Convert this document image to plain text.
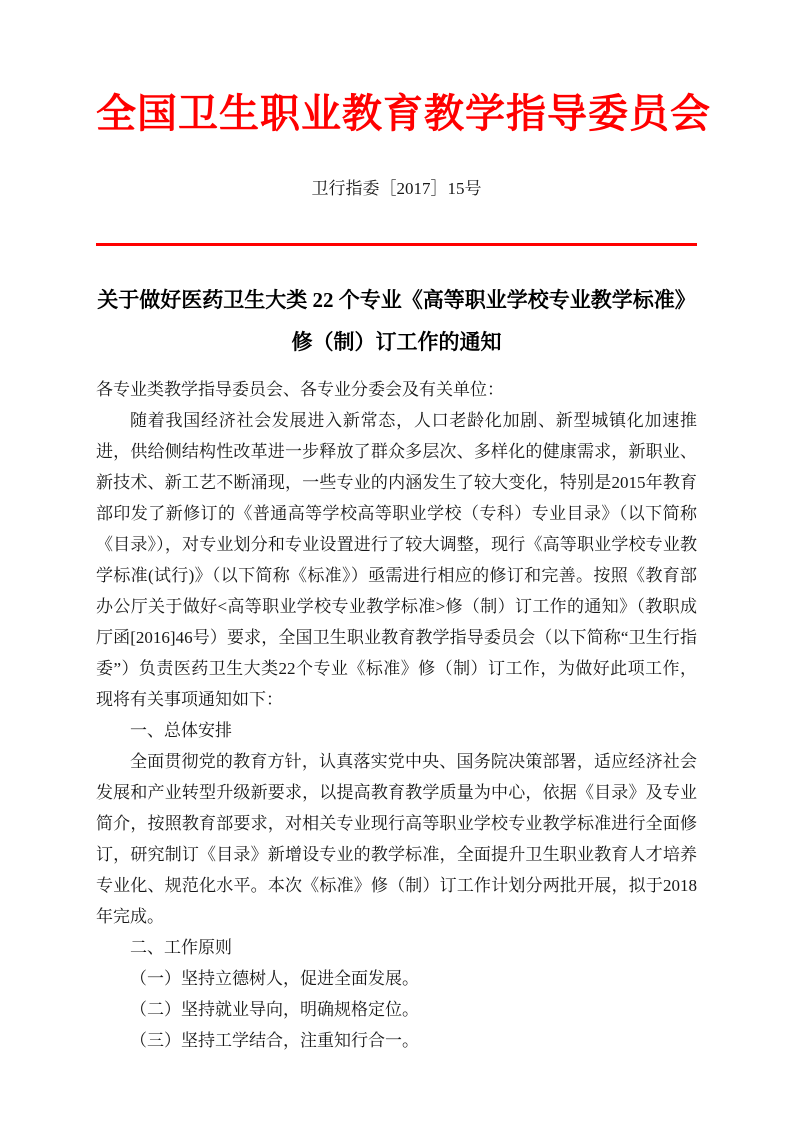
全国卫生职业教育教学指导委员会
卫行指委［2017］15号
关于做好医药卫生大类 22 个专业《高等职业学校专业教学标准》
修（制）订工作的通知

各专业类教学指导委员会、各专业分委会及有关单位：

随着我国经济社会发展进入新常态，人口老龄化加剧、新型城镇化加速推进，供给侧结构性改革进一步释放了群众多层次、多样化的健康需求，新职业、新技术、新工艺不断涌现，一些专业的内涵发生了较大变化，特别是2015年教育部印发了新修订的《普通高等学校高等职业学校（专科）专业目录》（以下简称《目录》），对专业划分和专业设置进行了较大调整，现行《高等职业学校专业教学标准(试行)》（以下简称《标准》）亟需进行相应的修订和完善。按照《教育部办公厅关于做好<高等职业学校专业教学标准>修（制）订工作的通知》（教职成厅函[2016]46号）要求，全国卫生职业教育教学指导委员会（以下简称“卫生行指委”）负责医药卫生大类22个专业《标准》修（制）订工作，为做好此项工作，现将有关事项通知如下：

一、总体安排

全面贯彻党的教育方针，认真落实党中央、国务院决策部署，适应经济社会发展和产业转型升级新要求，以提高教育教学质量为中心，依据《目录》及专业简介，按照教育部要求，对相关专业现行高等职业学校专业教学标准进行全面修订，研究制订《目录》新增设专业的教学标准，全面提升卫生职业教育人才培养专业化、规范化水平。本次《标准》修（制）订工作计划分两批开展，拟于2018年完成。

二、工作原则

（一）坚持立德树人，促进全面发展。

（二）坚持就业导向，明确规格定位。

（三）坚持工学结合，注重知行合一。
